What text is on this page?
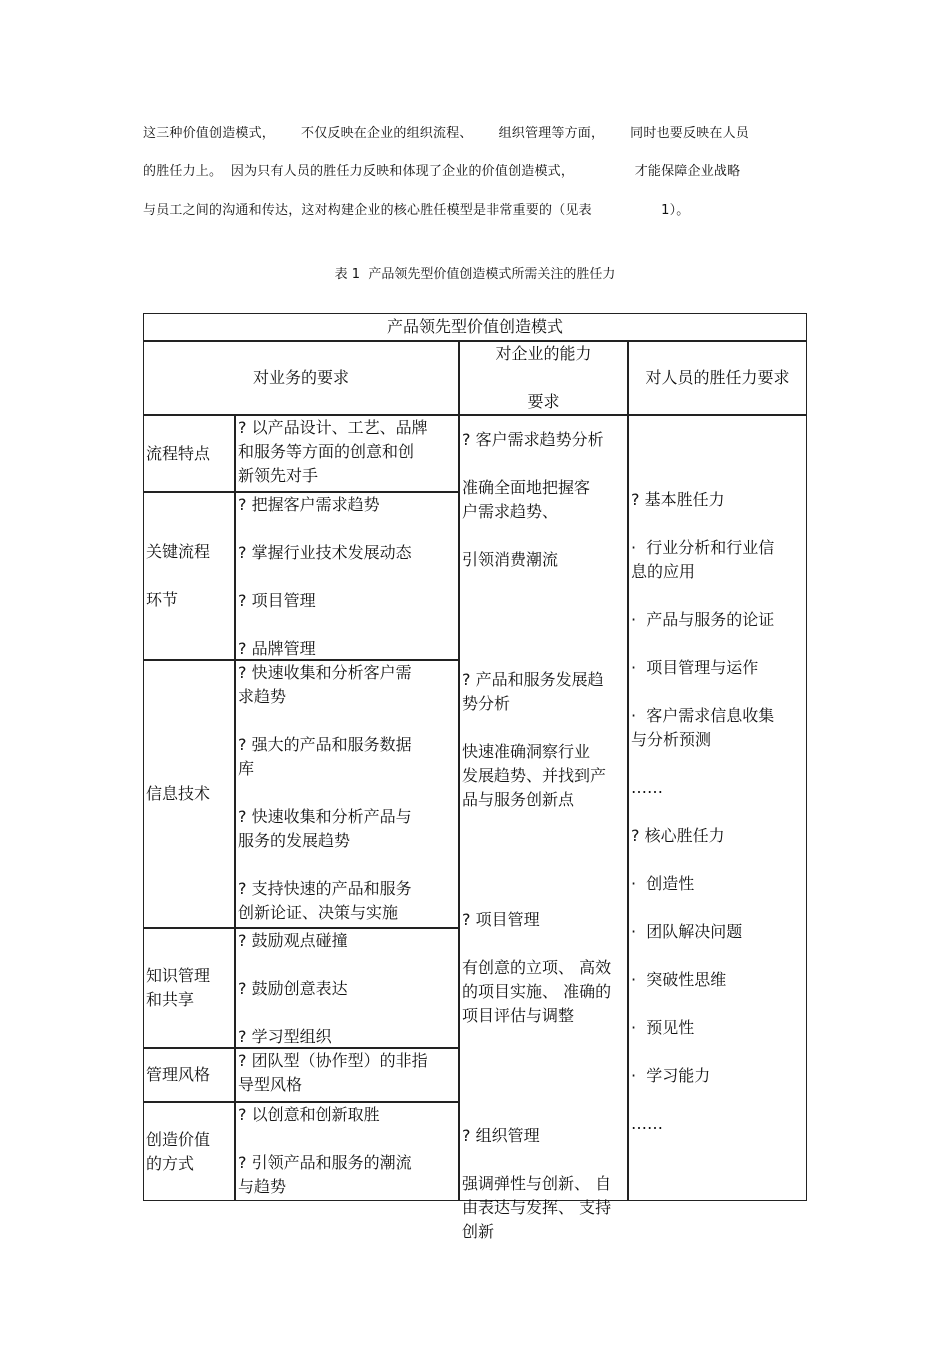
这三种价值创造模式，      不仅反映在企业的组织流程、      组织管理等方面，      同时也要反映在人员
的胜任力上。  因为只有人员的胜任力反映和体现了企业的价值创造模式，              才能保障企业战略
与员工之间的沟通和传达，这对构建企业的核心胜任模型是非常重要的（见表                1）。
表 1  产品领先型价值创造模式所需关注的胜任力
产品领先型价值创造模式
对业务的要求
对企业的能力
要求
对人员的胜任力要求
流程特点
? 以产品设计、工艺、品牌
和服务等方面的创意和创
新领先对手
关键流程
环节
? 把握客户需求趋势
? 掌握行业技术发展动态
? 项目管理
? 品牌管理
信息技术
? 快速收集和分析客户需
求趋势
? 强大的产品和服务数据
库
? 快速收集和分析产品与
服务的发展趋势
? 支持快速的产品和服务
创新论证、决策与实施
知识管理
和共享
? 鼓励观点碰撞
? 鼓励创意表达
? 学习型组织
管理风格
? 团队型（协作型）的非指
导型风格
创造价值
的方式
? 以创意和创新取胜
? 引领产品和服务的潮流
与趋势
? 客户需求趋势分析
准确全面地把握客
户需求趋势、
引领消费潮流
? 产品和服务发展趋
势分析
快速准确洞察行业
发展趋势、并找到产
品与服务创新点
? 项目管理
有创意的立项、 高效
的项目实施、 准确的
项目评估与调整
? 组织管理
强调弹性与创新、 自
由表达与发挥、 支持
创新
? 基本胜任力
·  行业分析和行业信
息的应用
·  产品与服务的论证
·  项目管理与运作
·  客户需求信息收集
与分析预测
……
? 核心胜任力
·  创造性
·  团队解决问题
·  突破性思维
·  预见性
·  学习能力
……
